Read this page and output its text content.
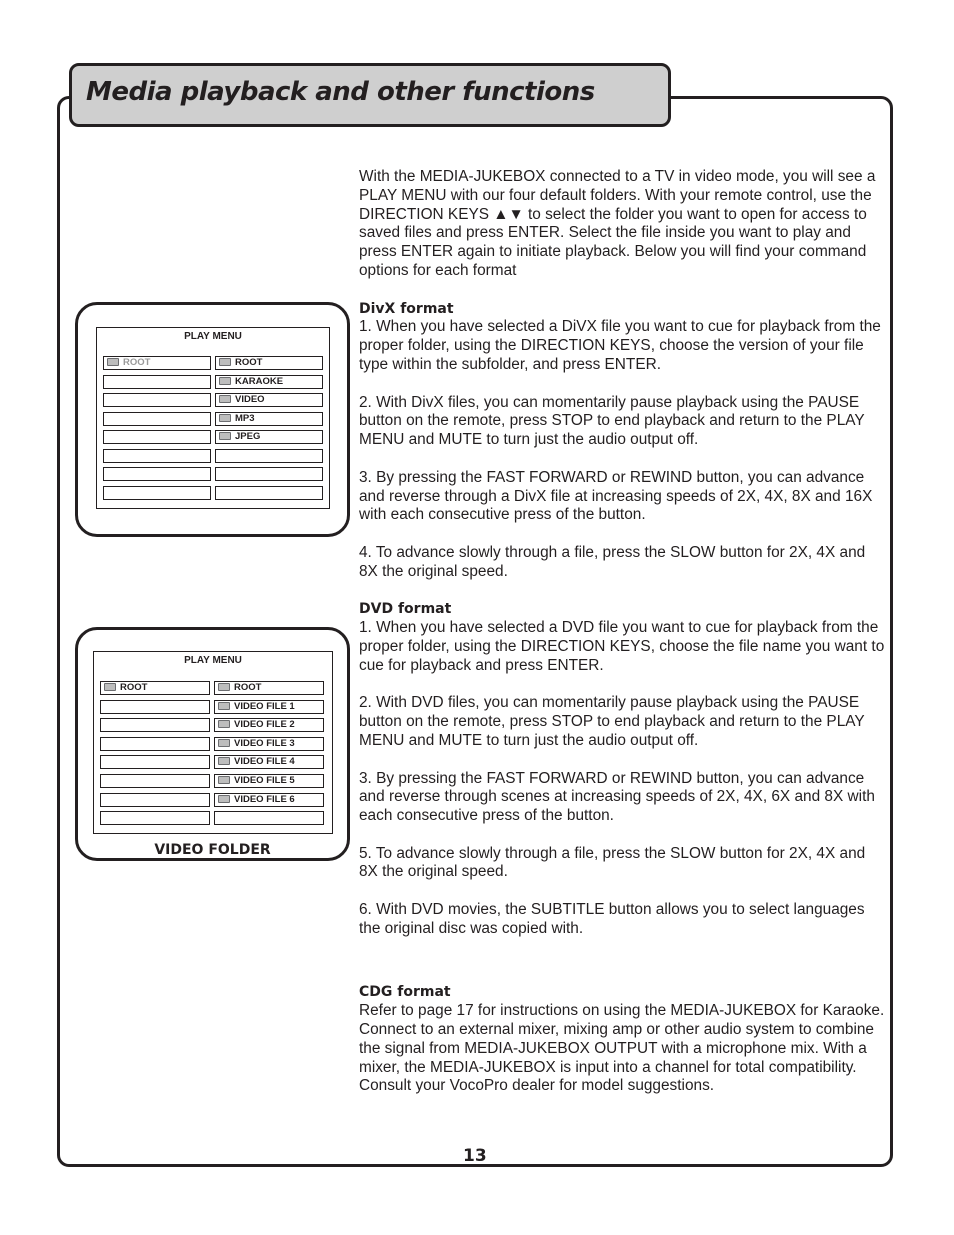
Media playback and other functions
PLAY MENU
ROOT	ROOT
KARAOKE
VIDEO
MP3
JPEG
PLAY MENU
ROOT	ROOT
VIDEO FILE 1
VIDEO FILE 2
VIDEO FILE 3
VIDEO FILE 4
VIDEO FILE 5
VIDEO FILE 6
VIDEO FOLDER

With the MEDIA-JUKEBOX connected to a TV in video mode, you will see a PLAY MENU with our four default folders. With your remote control, use the DIRECTION KEYS ▲▼ to select the folder you want to open for access to saved files and press ENTER. Select the file inside you want to play and press ENTER again to initiate playback. Below you will find your command options for each format

DivX format

1. When you have selected a DiVX file you want to cue for playback from the proper folder, using the DIRECTION KEYS, choose the version of your file type within the subfolder, and press ENTER.

2. With DivX files, you can momentarily pause playback using the PAUSE button on the remote, press STOP to end playback and return to the PLAY MENU and MUTE to turn just the audio output off.

3. By pressing the FAST FORWARD or REWIND button, you can advance and reverse through a DivX file at increasing speeds of 2X, 4X, 8X and 16X with each consecutive press of the button.

4. To advance slowly through a file, press the SLOW button for 2X, 4X and 8X the original speed.

DVD format

1. When you have selected a DVD file you want to cue for playback from the proper folder, using the DIRECTION KEYS, choose the file name you want to cue for playback and press ENTER.

2. With DVD files, you can momentarily pause playback using the PAUSE button on the remote, press STOP to end playback and return to the PLAY MENU and MUTE to turn just the audio output off.

3. By pressing the FAST FORWARD or REWIND button, you can advance and reverse through scenes at increasing speeds of 2X, 4X, 6X and 8X with each consecutive press of the button.

5. To advance slowly through a file, press the SLOW button for 2X, 4X and 8X the original speed.

6. With DVD movies, the SUBTITLE button allows you to select languages the original disc was copied with.

CDG format

Refer to page 17 for instructions on using the MEDIA-JUKEBOX for Karaoke. Connect to an external mixer, mixing amp or other audio system to combine the signal from MEDIA-JUKEBOX OUTPUT with a microphone mix. With a mixer, the MEDIA-JUKEBOX is input into a channel for total compatibility. Consult your VocoPro dealer for model suggestions.

13
